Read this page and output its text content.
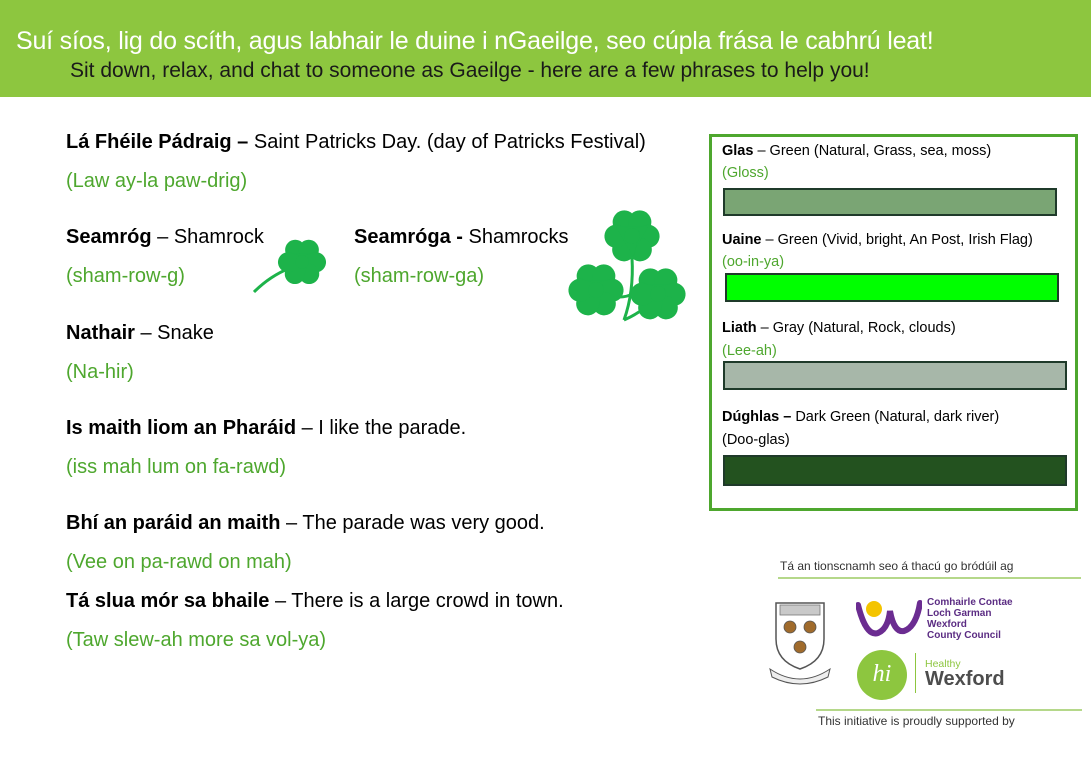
Suí síos, lig do scíth, agus labhair le duine i nGaeilge, seo cúpla frása le cabhrú leat!
Sit down, relax, and chat to someone as Gaeilge - here are a few phrases to help you!
Lá Fhéile Pádraig – Saint Patricks Day. (day of Patricks Festival)
(Law ay-la paw-drig)
Seamróg – Shamrock
(sham-row-g)
Seamróga - Shamrocks
(sham-row-ga)
Nathair – Snake
(Na-hir)
Is maith liom an Pharáid – I like the parade.
(iss mah lum on fa-rawd)
Bhí an paráid an maith – The parade was very good.
(Vee on pa-rawd on mah)
Tá slua mór sa bhaile – There is a large crowd in town.
(Taw slew-ah more sa vol-ya)
Glas – Green (Natural, Grass, sea, moss)
(Gloss)
Uaine – Green (Vivid, bright, An Post, Irish Flag)
(oo-in-ya)
Liath – Gray (Natural, Rock, clouds)
(Lee-ah)
Dúghlas – Dark Green (Natural, dark river)
(Doo-glas)
Tá an tionscnamh seo á thacú go bródúil ag
Comhairle Contae
Loch Garman
Wexford
County Council
hi	Healthy
Wexford
This initiative is proudly supported by
